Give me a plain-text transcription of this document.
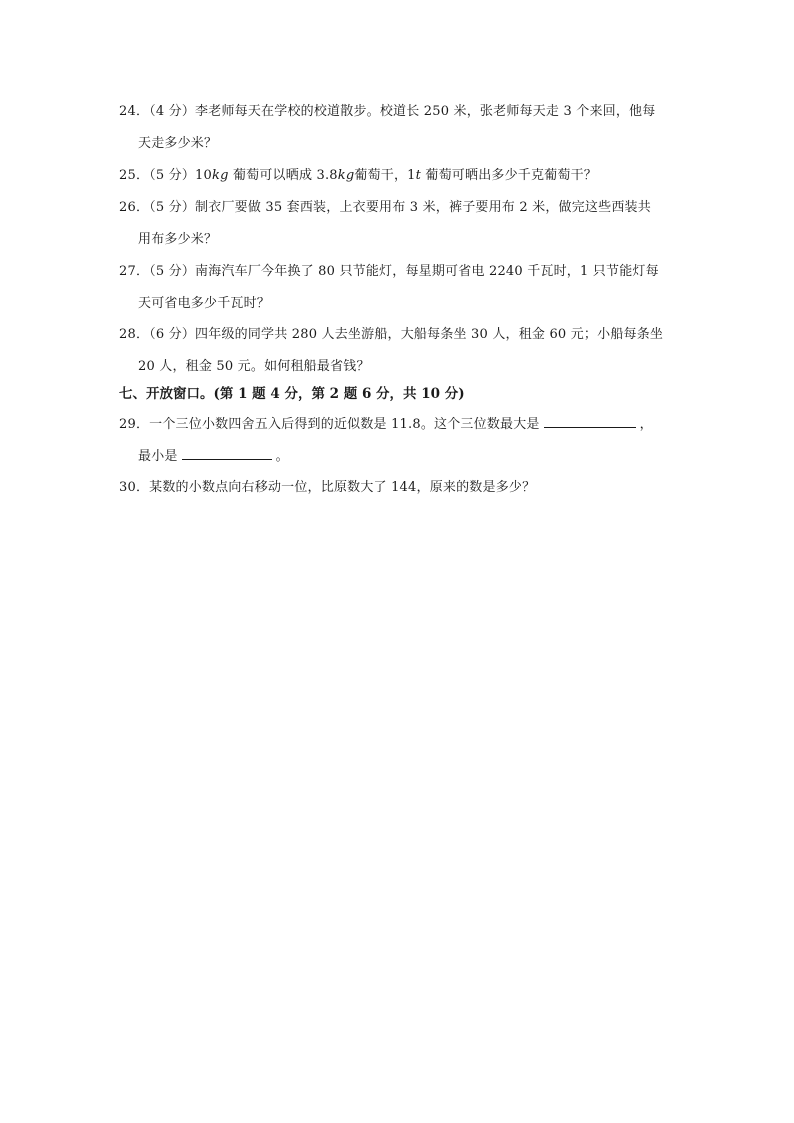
24．（4 分）李老师每天在学校的校道散步。校道长 250 米，张老师每天走 3 个来回，他每
天走多少米？
25．（5 分）10kg 葡萄可以晒成 3.8kg葡萄干，1t 葡萄可晒出多少千克葡萄干？
26．（5 分）制衣厂要做 35 套西装，上衣要用布 3 米，裤子要用布 2 米，做完这些西装共
用布多少米？
27．（5 分）南海汽车厂今年换了 80 只节能灯，每星期可省电 2240 千瓦时，1 只节能灯每
天可省电多少千瓦时？
28．（6 分）四年级的同学共 280 人去坐游船，大船每条坐 30 人，租金 60 元；小船每条坐
20 人，租金 50 元。如何租船最省钱？
七、开放窗口。(第 1 题 4 分，第 2 题 6 分，共 10 分)
29．一个三位小数四舍五入后得到的近似数是 11.8。这个三位数最大是	，
最小是	。
30．某数的小数点向右移动一位，比原数大了 144，原来的数是多少？
